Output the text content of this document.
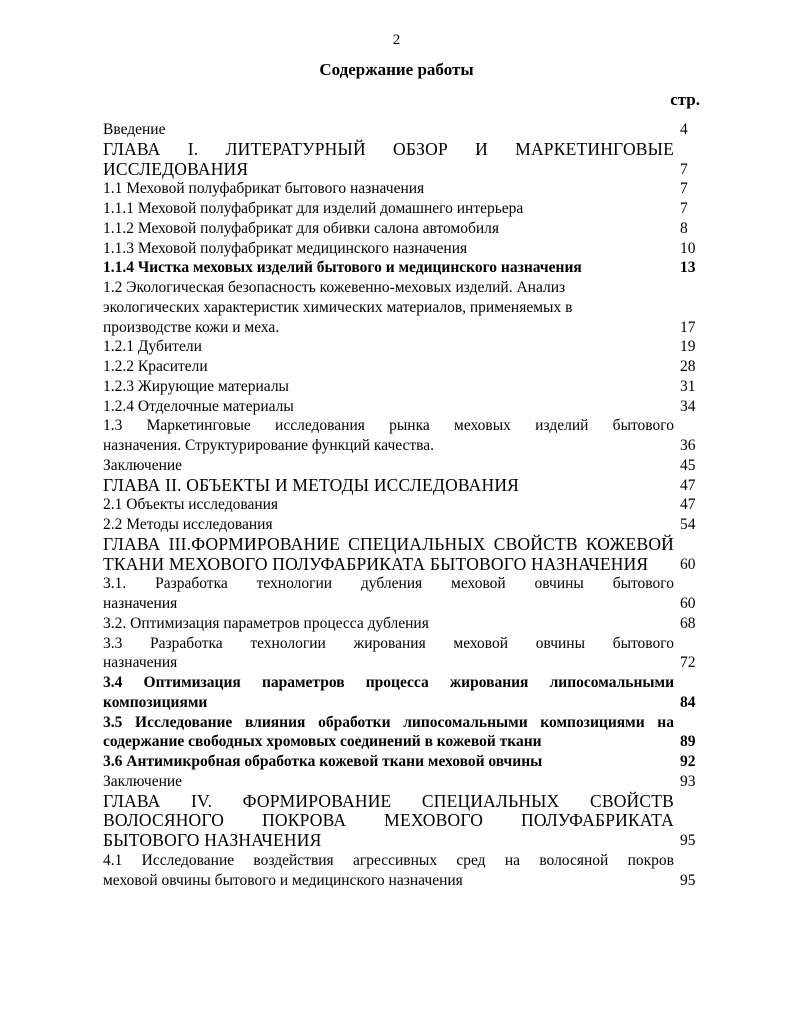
2
Содержание работы
стр.
Введение	4
ГЛАВА I. ЛИТЕРАТУРНЫЙ ОБЗОР И МАРКЕТИНГОВЫЕ
ИССЛЕДОВАНИЯ	7
1.1 Меховой полуфабрикат бытового назначения	7
1.1.1 Меховой полуфабрикат для изделий домашнего интерьера	7
1.1.2 Меховой полуфабрикат для обивки салона автомобиля	8
1.1.3 Меховой полуфабрикат медицинского назначения	10
1.1.4 Чистка меховых изделий бытового и медицинского назначения	13
1.2 Экологическая безопасность кожевенно-меховых изделий. Анализ
экологических характеристик химических материалов, применяемых в
производстве кожи и меха.	17
1.2.1 Дубители	19
1.2.2 Красители	28
1.2.3 Жирующие материалы	31
1.2.4 Отделочные материалы	34
1.3 Маркетинговые исследования рынка меховых изделий бытового
назначения. Структурирование функций качества.	36
Заключение	45
ГЛАВА II. ОБЪЕКТЫ И МЕТОДЫ ИССЛЕДОВАНИЯ	47
2.1 Объекты исследования	47
2.2 Методы исследования	54
ГЛАВА III.ФОРМИРОВАНИЕ СПЕЦИАЛЬНЫХ СВОЙСТВ КОЖЕВОЙ
ТКАНИ МЕХОВОГО ПОЛУФАБРИКАТА БЫТОВОГО НАЗНАЧЕНИЯ	60
3.1. Разработка технологии дубления меховой овчины бытового
назначения	60
3.2. Оптимизация параметров процесса дубления	68
3.3 Разработка технологии жирования меховой овчины бытового
назначения	72
3.4 Оптимизация параметров процесса жирования липосомальными
композициями	84
3.5 Исследование влияния обработки липосомальными композициями на
содержание свободных хромовых соединений в кожевой ткани	89
3.6 Антимикробная обработка кожевой ткани меховой овчины	92
Заключение	93
ГЛАВА IV. ФОРМИРОВАНИЕ СПЕЦИАЛЬНЫХ СВОЙСТВ
ВОЛОСЯНОГО ПОКРОВА МЕХОВОГО ПОЛУФАБРИКАТА
БЫТОВОГО НАЗНАЧЕНИЯ	95
4.1 Исследование воздействия агрессивных сред на волосяной покров
меховой овчины бытового и медицинского назначения	95
